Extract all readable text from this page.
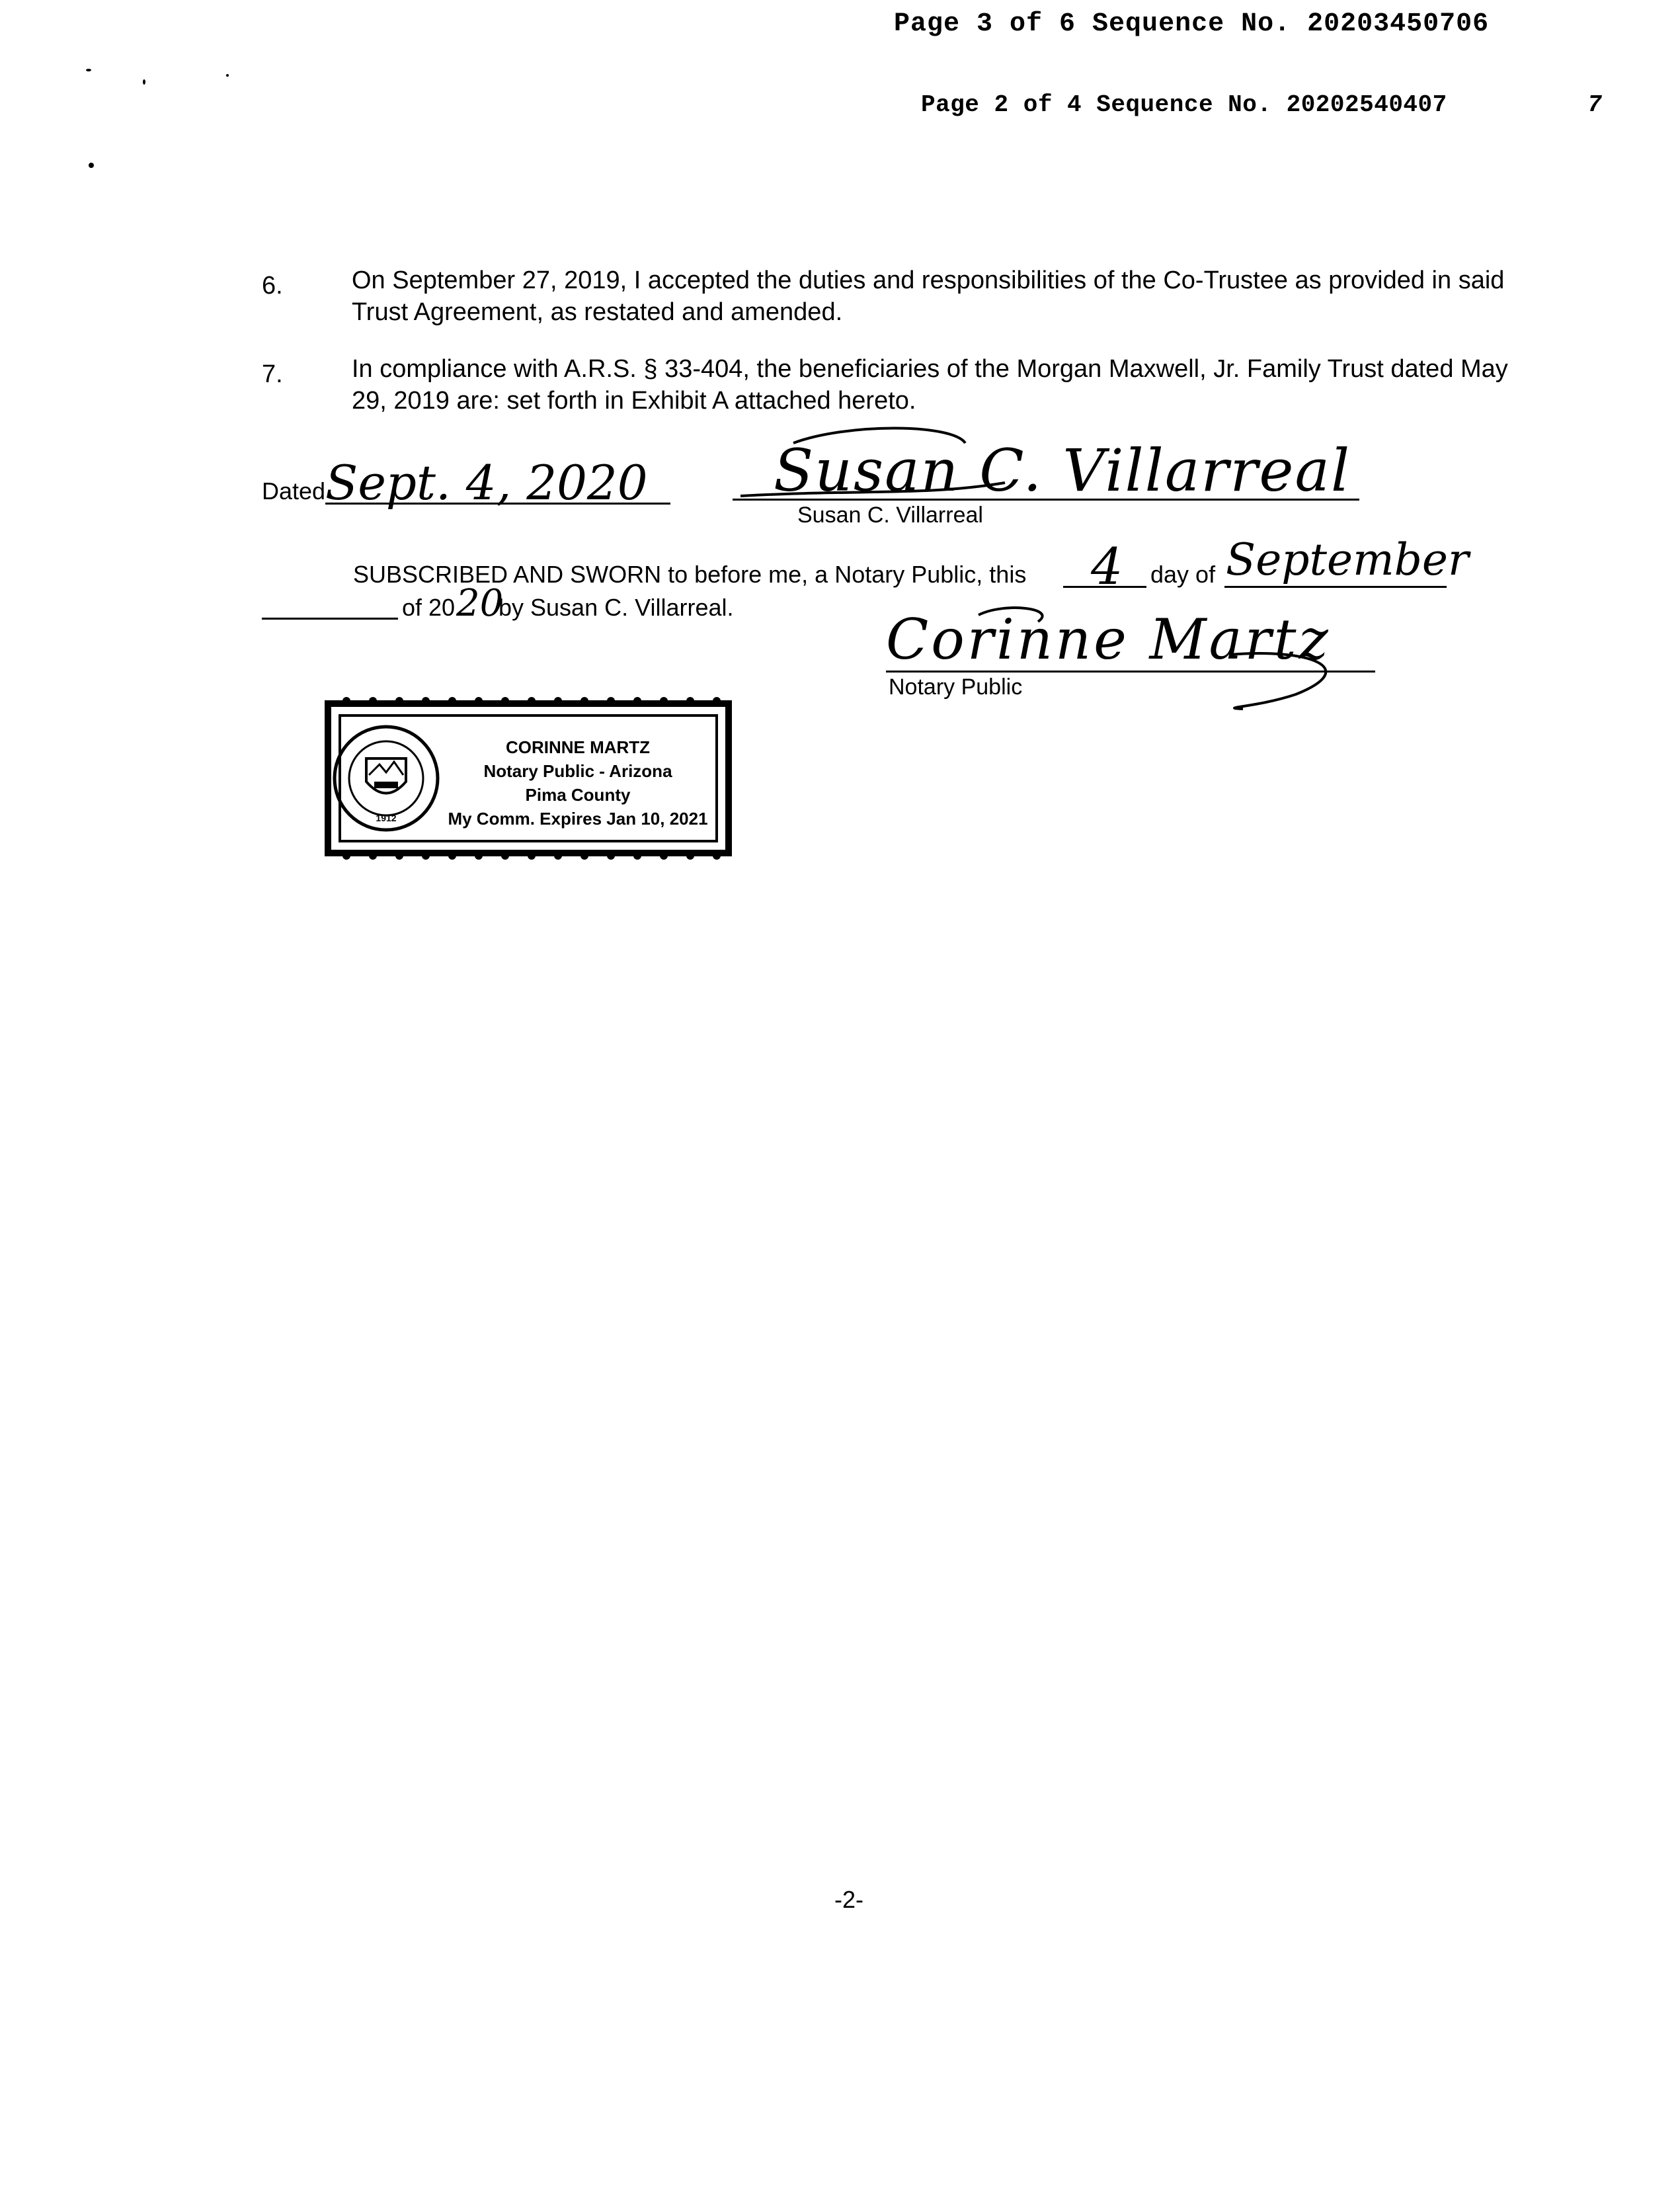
Page 3 of 6 Sequence No. 20203450706
Page 2 of 4 Sequence No. 20202540407	7
6.	On September 27, 2019, I accepted the duties and responsibilities of the Co-Trustee as provided in said Trust Agreement, as restated and amended.
7.	In compliance with A.R.S. § 33-404, the beneficiaries of the Morgan Maxwell, Jr. Family Trust dated May 29, 2019 are: set forth in Exhibit A attached hereto.
Dated Sept. 4, 2020 Susan C. Villarreal
Susan C. Villarreal
SUBSCRIBED AND SWORN to before me, a Notary Public, this 4 day of September
of 20 20
by Susan C. Villarreal.	Corinne Martz
Notary Public
1912
CORINNE MARTZ
Notary Public - Arizona
Pima County
My Comm. Expires Jan 10, 2021
-2-
